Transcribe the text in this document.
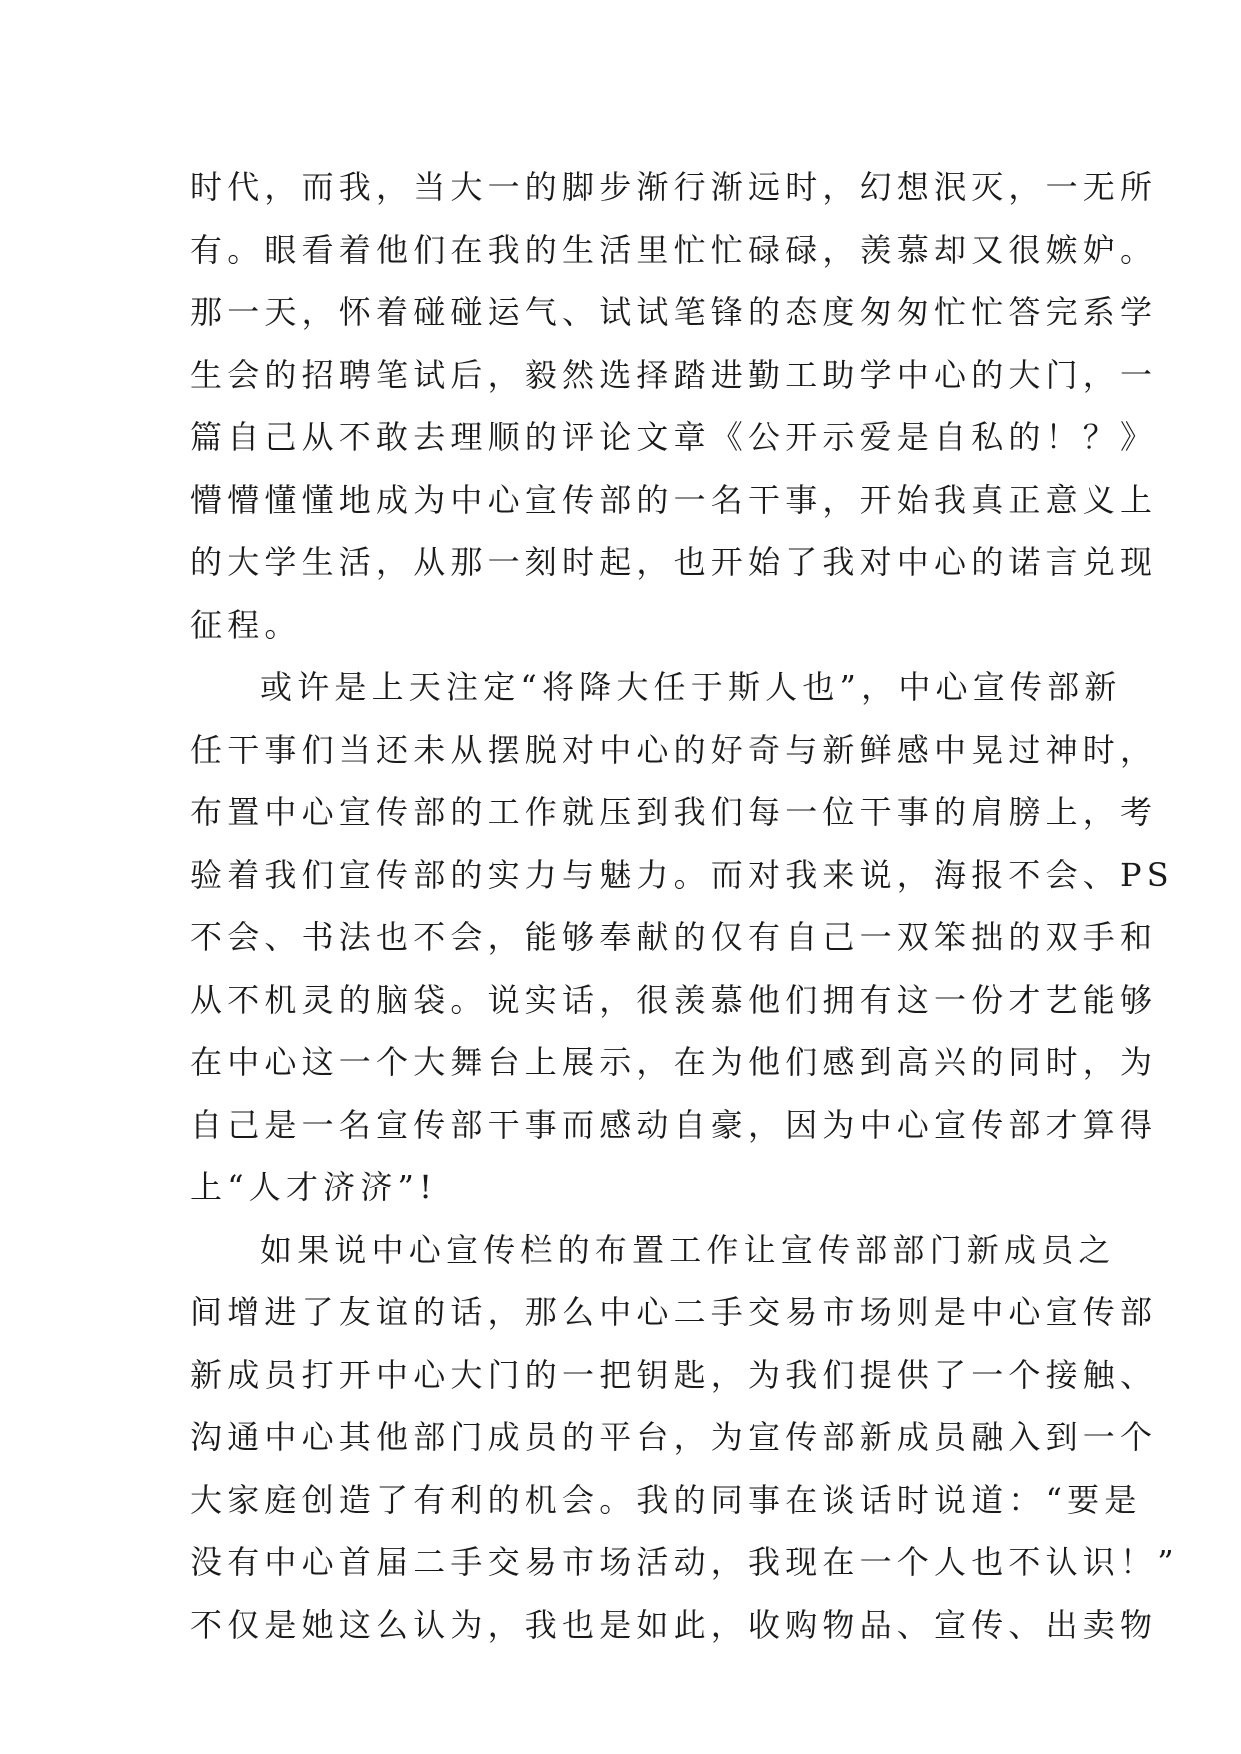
时代，而我，当大一的脚步渐行渐远时，幻想泯灭，一无所

有。眼看着他们在我的生活里忙忙碌碌，羡慕却又很嫉妒。

那一天，怀着碰碰运气、试试笔锋的态度匆匆忙忙答完系学

生会的招聘笔试后，毅然选择踏进勤工助学中心的大门，一

篇自己从不敢去理顺的评论文章《公开示爱是自私的！？》

懵懵懂懂地成为中心宣传部的一名干事，开始我真正意义上

的大学生活，从那一刻时起，也开始了我对中心的诺言兑现

征程。

或许是上天注定“将降大任于斯人也”，中心宣传部新

任干事们当还未从摆脱对中心的好奇与新鲜感中晃过神时，

布置中心宣传部的工作就压到我们每一位干事的肩膀上，考

验着我们宣传部的实力与魅力。而对我来说，海报不会、PS

不会、书法也不会，能够奉献的仅有自己一双笨拙的双手和

从不机灵的脑袋。说实话，很羡慕他们拥有这一份才艺能够

在中心这一个大舞台上展示，在为他们感到高兴的同时，为

自己是一名宣传部干事而感动自豪，因为中心宣传部才算得

上“人才济济”!

如果说中心宣传栏的布置工作让宣传部部门新成员之

间增进了友谊的话，那么中心二手交易市场则是中心宣传部

新成员打开中心大门的一把钥匙，为我们提供了一个接触、

沟通中心其他部门成员的平台，为宣传部新成员融入到一个

大家庭创造了有利的机会。我的同事在谈话时说道：“要是

没有中心首届二手交易市场活动，我现在一个人也不认识！”

不仅是她这么认为，我也是如此，收购物品、宣传、出卖物
